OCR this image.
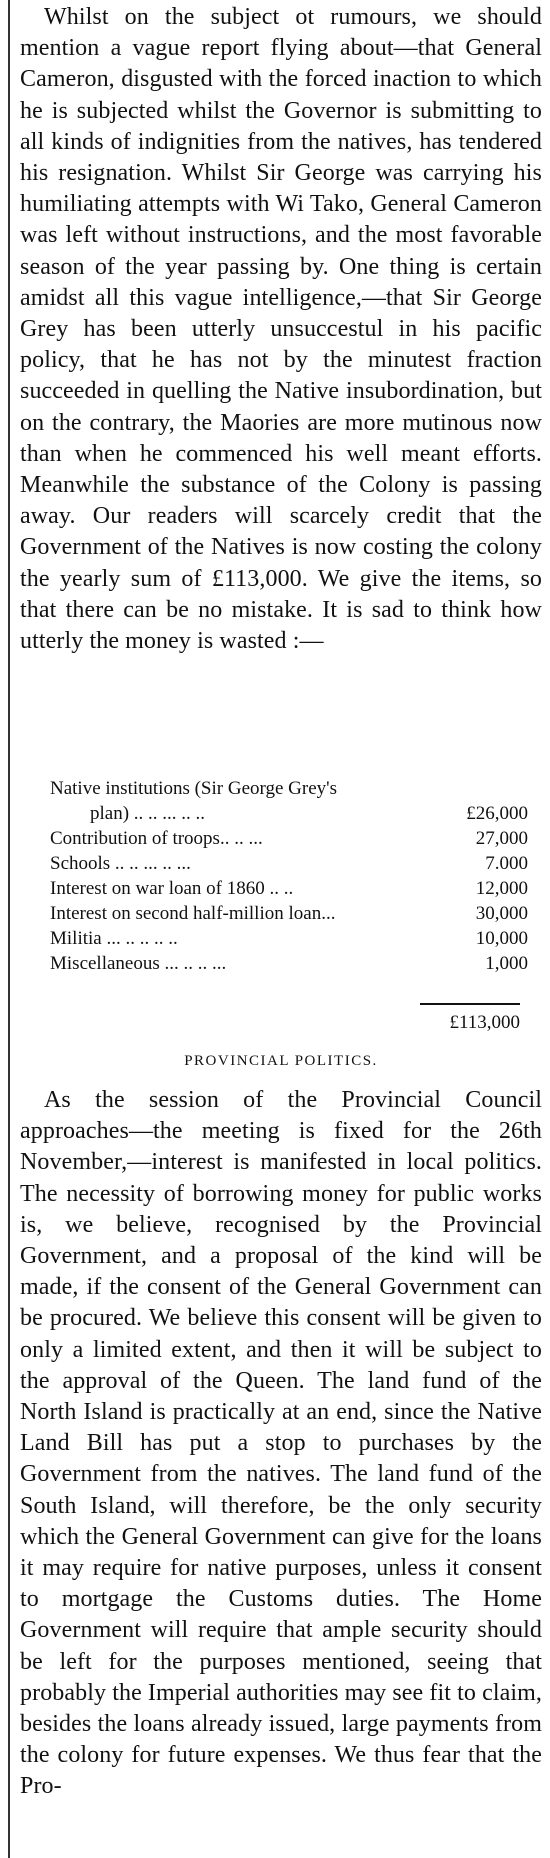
Whilst on the subject ot rumours, we should mention a vague report flying about—that General Cameron, disgusted with the forced inaction to which he is subjected whilst the Governor is submitting to all kinds of indignities from the natives, has tendered his resignation. Whilst Sir George was carrying his humiliating attempts with Wi Tako, General Cameron was left without instructions, and the most favorable season of the year passing by. One thing is certain amidst all this vague intelligence,—that Sir George Grey has been utterly unsuccestul in his pacific policy, that he has not by the minutest fraction succeeded in quelling the Native insubordination, but on the contrary, the Maories are more mutinous now than when he commenced his well meant efforts. Meanwhile the substance of the Colony is passing away. Our readers will scarcely credit that the Government of the Natives is now costing the colony the yearly sum of £113,000. We give the items, so that there can be no mistake. It is sad to think how utterly the money is wasted :—

Native institutions (Sir George Grey's
plan) .. .. ... .. ..	£26,000
Contribution of troops.. .. ...	27,000
Schools .. .. ... .. ...	7.000
Interest on war loan of 1860 .. ..	12,000
Interest on second half-million loan...	30,000
Militia ... .. .. .. ..	10,000
Miscellaneous ... .. .. ...	1,000
£113,000

PROVINCIAL POLITICS.

As the session of the Provincial Council approaches—the meeting is fixed for the 26th November,—interest is manifested in local politics. The necessity of borrowing money for public works is, we believe, recognised by the Provincial Government, and a proposal of the kind will be made, if the consent of the General Government can be procured. We believe this consent will be given to only a limited extent, and then it will be subject to the approval of the Queen. The land fund of the North Island is practically at an end, since the Native Land Bill has put a stop to purchases by the Government from the natives. The land fund of the South Island, will therefore, be the only security which the General Government can give for the loans it may require for native purposes, unless it consent to mortgage the Customs duties. The Home Government will require that ample security should be left for the purposes mentioned, seeing that probably the Imperial authorities may see fit to claim, besides the loans already issued, large payments from the colony for future expenses. We thus fear that the Pro-
